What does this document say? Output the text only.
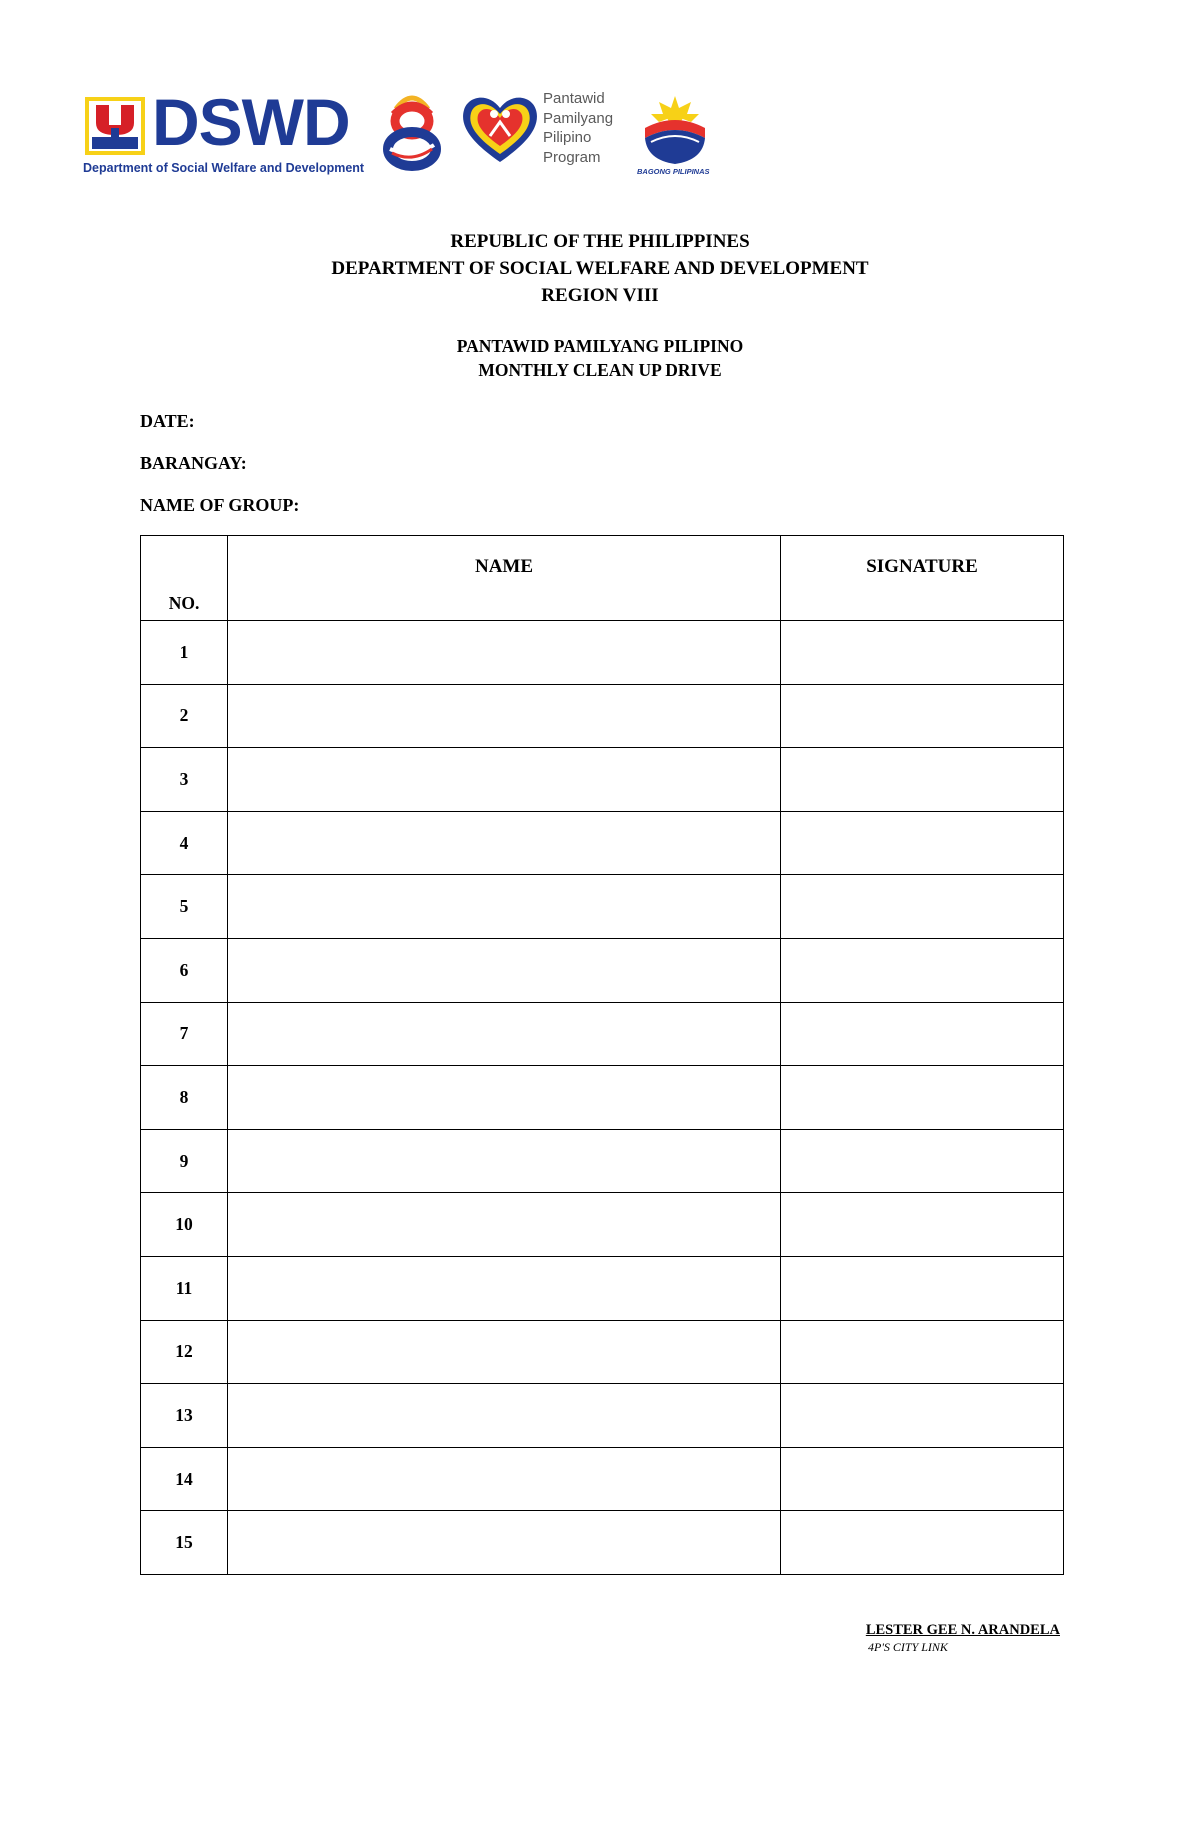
DSWD
Department of Social Welfare and Development
Pantawid
Pamilyang
Pilipino
Program
BAGONG PILIPINAS
REPUBLIC OF THE PHILIPPINES
DEPARTMENT OF SOCIAL WELFARE AND DEVELOPMENT
REGION VIII
PANTAWID PAMILYANG PILIPINO
MONTHLY CLEAN UP DRIVE
DATE:
BARANGAY:
NAME OF GROUP:
NO.	NAME	SIGNATURE
1		
2		
3		
4		
5		
6		
7		
8		
9		
10		
11		
12		
13		
14		
15		
LESTER GEE N. ARANDELA
4P'S CITY LINK
